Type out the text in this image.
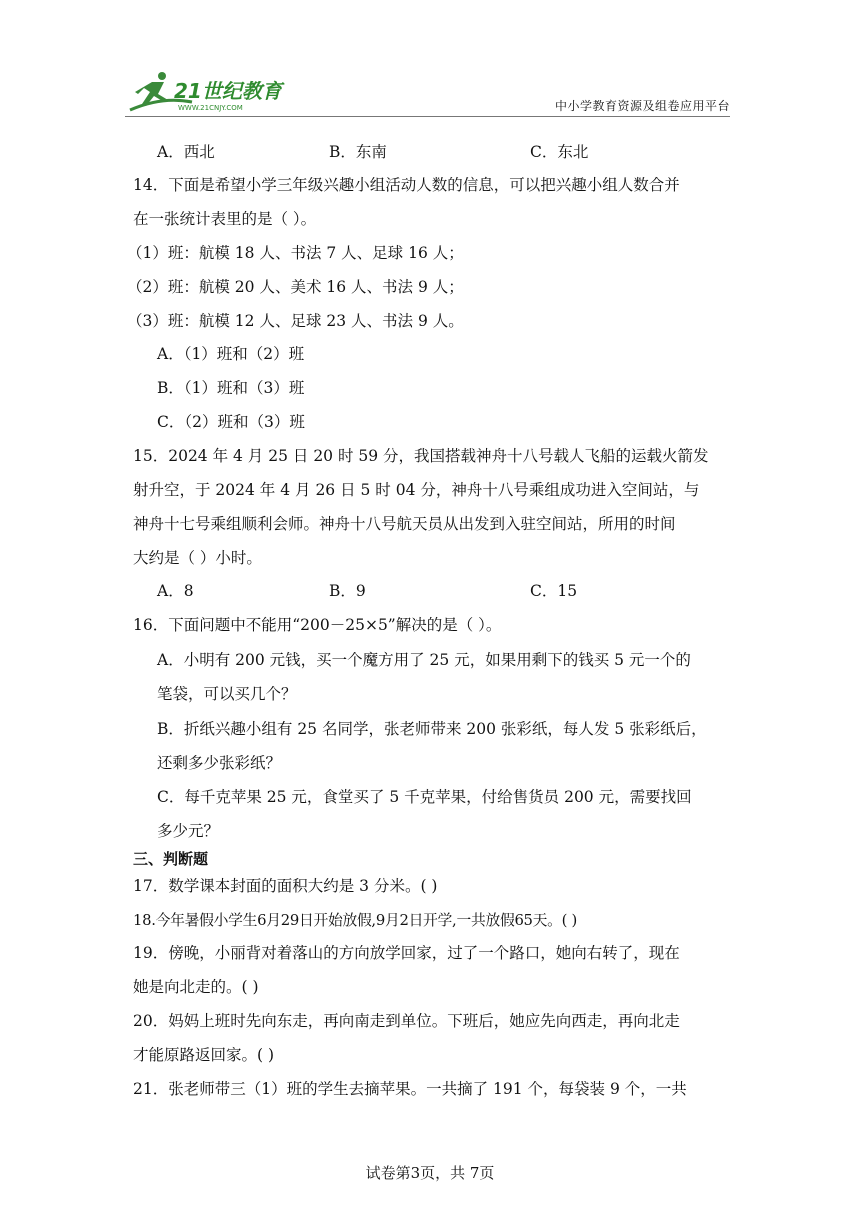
21世纪教育
WWW.21CNJY.COM	中小学教育资源及组卷应用平台
A．西北	B．东南	C．东北
14．下面是希望小学三年级兴趣小组活动人数的信息，可以把兴趣小组人数合并
在一张统计表里的是（ ）。
（1）班：航模 18 人、书法 7 人、足球 16 人；
（2）班：航模 20 人、美术 16 人、书法 9 人；
（3）班：航模 12 人、足球 23 人、书法 9 人。
A．（1）班和（2）班
B．（1）班和（3）班
C．（2）班和（3）班
15．2024 年 4 月 25 日 20 时 59 分，我国搭载神舟十八号载人飞船的运载火箭发
射升空，于 2024 年 4 月 26 日 5 时 04 分，神舟十八号乘组成功进入空间站，与
神舟十七号乘组顺利会师。神舟十八号航天员从出发到入驻空间站，所用的时间
大约是（ ）小时。
A．8	B．9	C．15
16．下面问题中不能用“200－25×5”解决的是（ ）。
A．小明有 200 元钱，买一个魔方用了 25 元，如果用剩下的钱买 5 元一个的
笔袋，可以买几个？
B．折纸兴趣小组有 25 名同学，张老师带来 200 张彩纸，每人发 5 张彩纸后，
还剩多少张彩纸？
C．每千克苹果 25 元，食堂买了 5 千克苹果，付给售货员 200 元，需要找回
多少元？
三、判断题
17．数学课本封面的面积大约是 3 分米。( )
18.今年暑假小学生6月29日开始放假,9月2日开学,一共放假65天。( )
19．傍晚，小丽背对着落山的方向放学回家，过了一个路口，她向右转了，现在
她是向北走的。( )
20．妈妈上班时先向东走，再向南走到单位。下班后，她应先向西走，再向北走
才能原路返回家。( )
21．张老师带三（1）班的学生去摘苹果。一共摘了 191 个，每袋装 9 个，一共
试卷第3页，共 7页
